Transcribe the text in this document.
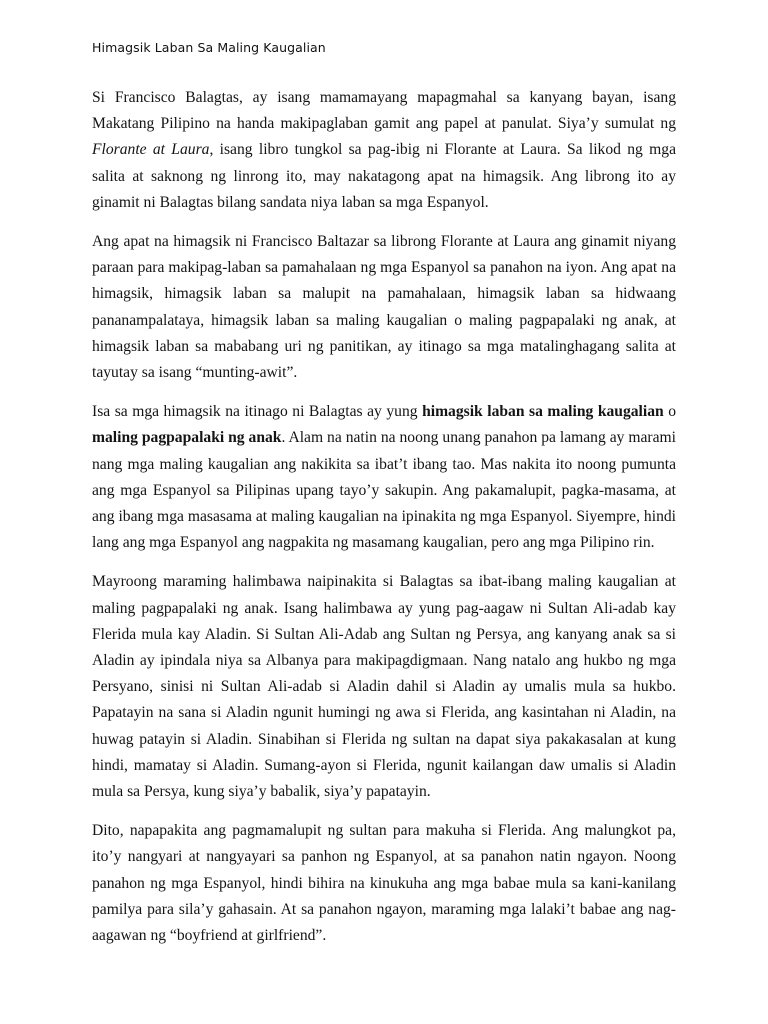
Himagsik Laban Sa Maling Kaugalian

Si Francisco Balagtas, ay isang mamamayang mapagmahal sa kanyang bayan, isang Makatang Pilipino na handa makipaglaban gamit ang papel at panulat. Siya’y sumulat ng Florante at Laura, isang libro tungkol sa pag-ibig ni Florante at Laura. Sa likod ng mga salita at saknong ng linrong ito, may nakatagong apat na himagsik. Ang librong ito ay ginamit ni Balagtas bilang sandata niya laban sa mga Espanyol.

Ang apat na himagsik ni Francisco Baltazar sa librong Florante at Laura ang ginamit niyang paraan para makipag-laban sa pamahalaan ng mga Espanyol sa panahon na iyon. Ang apat na himagsik, himagsik laban sa malupit na pamahalaan, himagsik laban sa hidwaang pananampalataya, himagsik laban sa maling kaugalian o maling pagpapalaki ng anak, at himagsik laban sa mababang uri ng panitikan, ay itinago sa mga matalinghagang salita at tayutay sa isang “munting-awit”.

Isa sa mga himagsik na itinago ni Balagtas ay yung himagsik laban sa maling kaugalian o maling pagpapalaki ng anak. Alam na natin na noong unang panahon pa lamang ay marami nang mga maling kaugalian ang nakikita sa ibat’t ibang tao. Mas nakita ito noong pumunta ang mga Espanyol sa Pilipinas upang tayo’y sakupin. Ang pakamalupit, pagka-masama, at ang ibang mga masasama at maling kaugalian na ipinakita ng mga Espanyol. Siyempre, hindi lang ang mga Espanyol ang nagpakita ng masamang kaugalian, pero ang mga Pilipino rin.

Mayroong maraming halimbawa naipinakita si Balagtas sa ibat-ibang maling kaugalian at maling pagpapalaki ng anak. Isang halimbawa ay yung pag-aagaw ni Sultan Ali-adab kay Flerida mula kay Aladin. Si Sultan Ali-Adab ang Sultan ng Persya, ang kanyang anak sa si Aladin ay ipindala niya sa Albanya para makipagdigmaan. Nang natalo ang hukbo ng mga Persyano, sinisi ni Sultan Ali-adab si Aladin dahil si Aladin ay umalis mula sa hukbo. Papatayin na sana si Aladin ngunit humingi ng awa si Flerida, ang kasintahan ni Aladin, na huwag patayin si Aladin. Sinabihan si Flerida ng sultan na dapat siya pakakasalan at kung hindi, mamatay si Aladin. Sumang-ayon si Flerida, ngunit kailangan daw umalis si Aladin mula sa Persya, kung siya’y babalik, siya’y papatayin.

Dito, napapakita ang pagmamalupit ng sultan para makuha si Flerida. Ang malungkot pa, ito’y nangyari at nangyayari sa panhon ng Espanyol, at sa panahon natin ngayon. Noong panahon ng mga Espanyol, hindi bihira na kinukuha ang mga babae mula sa kani-kanilang pamilya para sila’y gahasain. At sa panahon ngayon, maraming mga lalaki’t babae ang nag-aagawan ng “boyfriend at girlfriend”.
